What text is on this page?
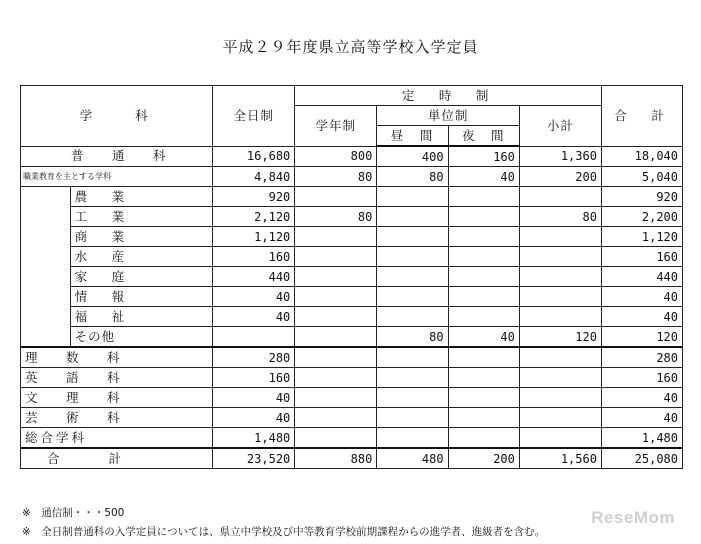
平成２９年度県立高等学校入学定員
学　　科		全日制	定　時　制				合　計
			学年制	単位制		小計	
				昼　間	夜　間		
普　通　科		16,680	800	400	160	1,360	18,040
職業教育を主とする学科		4,840	80	80	40	200	5,040
	農　業	920					920
	工　業	2,120	80			80	2,200
	商　業	1,120					1,120
	水　産	160					160
	家　庭	440					440
	情　報	40					40
	福　祉	40					40
	その他			80	40	120	120
理　数　科		280					280
英　語　科		160					160
文　理　科		40					40
芸　術　科		40					40
総合学科		1,480					1,480
合　　計		23,520	880	480	200	1,560	25,080
※　通信制・・・500
※　全日制普通科の入学定員については、県立中学校及び中等教育学校前期課程からの進学者、進級者を含む。
ReseMom
